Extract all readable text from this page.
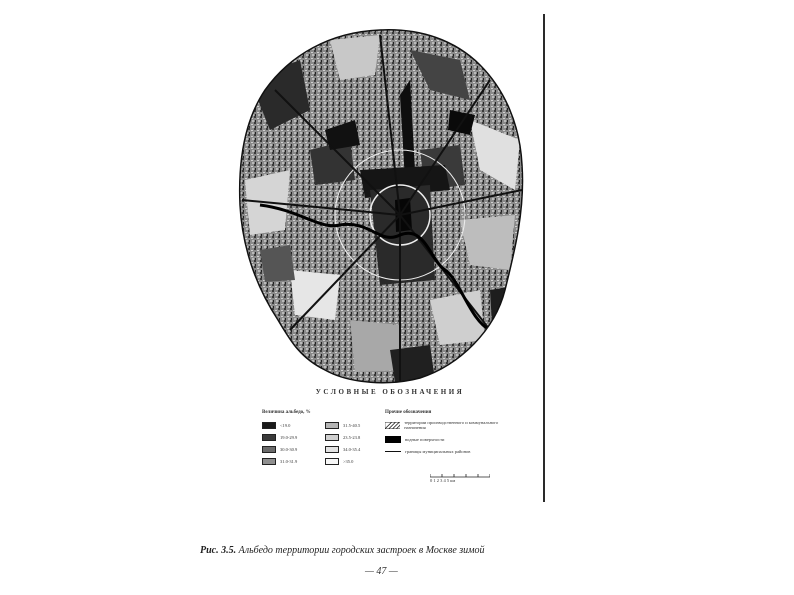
УСЛОВНЫЕ ОБОЗНАЧЕНИЯ
Величина альбедо, %
<19.0
19.0-29.9
30.0-30.9
31.0-31.9
31.5-40.5
23.5-23.8
34.0-35.4
>35.0
Прочие обозначения
территории производственного и коммунального назначения
водные поверхности
границы муниципальных районов
0 1 2 3 4 5 км
Рис. 3.5. Альбедо территории городских застроек в Москве зимой
— 47 —
